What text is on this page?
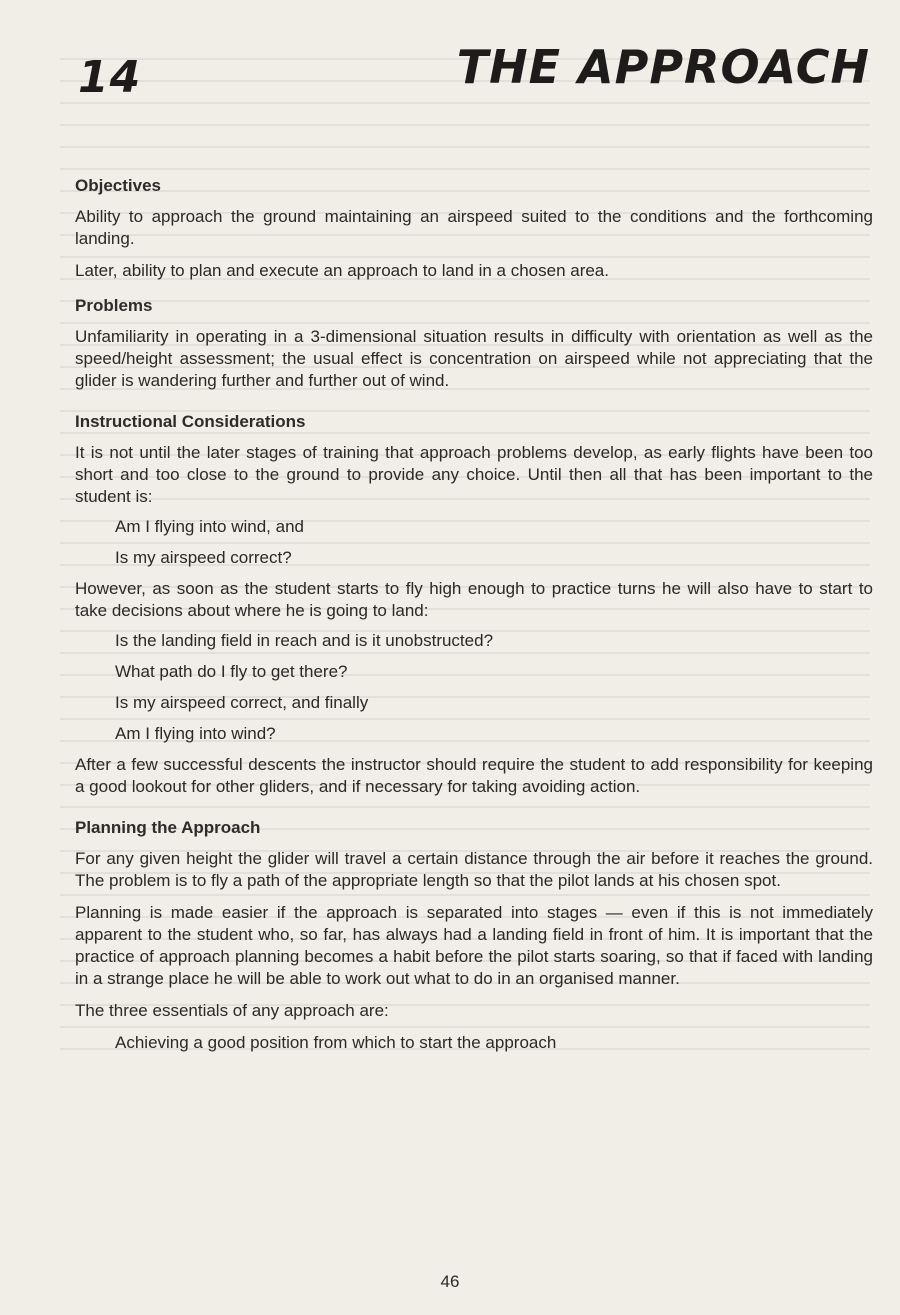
14	THE APPROACH
Objectives

Ability to approach the ground maintaining an airspeed suited to the conditions and the forthcoming landing.

Later, ability to plan and execute an approach to land in a chosen area.

Problems

Unfamiliarity in operating in a 3-dimensional situation results in difficulty with orientation as well as the speed/height assessment; the usual effect is concentration on airspeed while not appreciating that the glider is wandering further and further out of wind.

Instructional Considerations

It is not until the later stages of training that approach problems develop, as early flights have been too short and too close to the ground to provide any choice. Until then all that has been important to the student is:

Am I flying into wind, and
Is my airspeed correct?

However, as soon as the student starts to fly high enough to practice turns he will also have to start to take decisions about where he is going to land:

Is the landing field in reach and is it unobstructed?
What path do I fly to get there?
Is my airspeed correct, and finally
Am I flying into wind?

After a few successful descents the instructor should require the student to add responsibility for keeping a good lookout for other gliders, and if necessary for taking avoiding action.

Planning the Approach

For any given height the glider will travel a certain distance through the air before it reaches the ground. The problem is to fly a path of the appropriate length so that the pilot lands at his chosen spot.

Planning is made easier if the approach is separated into stages — even if this is not immediately apparent to the student who, so far, has always had a landing field in front of him. It is important that the practice of approach planning becomes a habit before the pilot starts soaring, so that if faced with landing in a strange place he will be able to work out what to do in an organised manner.

The three essentials of any approach are:

Achieving a good position from which to start the approach
46
